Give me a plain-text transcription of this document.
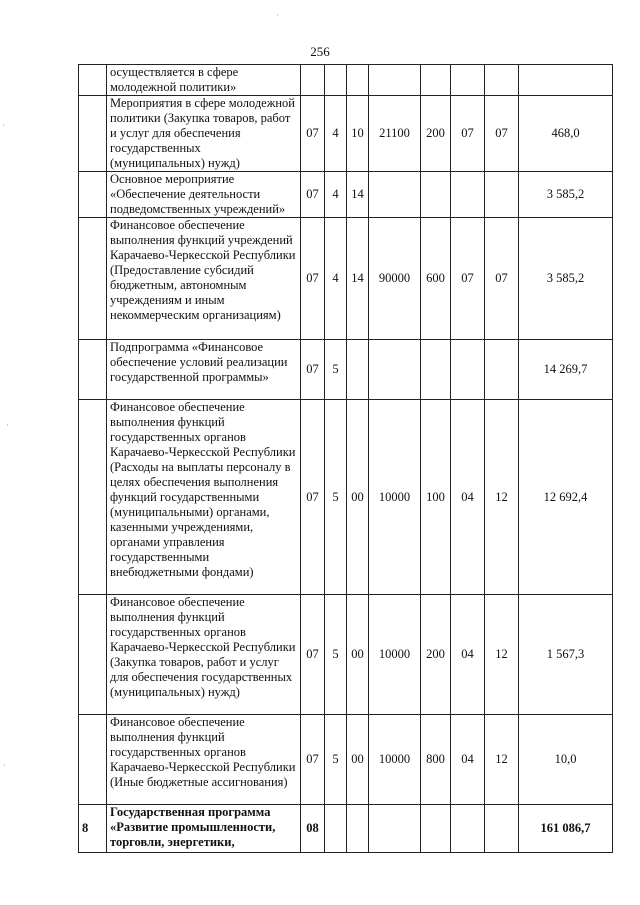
256
	осуществляется в сфере молодежной политики»								
	Мероприятия в сфере молодежной политики (Закупка товаров, работ и услуг для обеспечения государственных (муниципальных) нужд)	07	4	10	21100	200	07	07	468,0
	Основное мероприятие «Обеспечение деятельности подведомственных учреждений»	07	4	14					3 585,2
	Финансовое обеспечение выполнения функций учреждений Карачаево-Черкесской Республики (Предоставление субсидий бюджетным, автономным учреждениям и иным некоммерческим организациям)	07	4	14	90000	600	07	07	3 585,2
	Подпрограмма «Финансовое обеспечение условий реализации государственной программы»	07	5						14 269,7
	Финансовое обеспечение выполнения функций государственных органов Карачаево-Черкесской Республики (Расходы на выплаты персоналу в целях обеспечения выполнения функций государственными (муниципальными) органами, казенными учреждениями, органами управления государственными внебюджетными фондами)	07	5	00	10000	100	04	12	12 692,4
	Финансовое обеспечение выполнения функций государственных органов Карачаево-Черкесской Республики (Закупка товаров, работ и услуг для обеспечения государственных (муниципальных) нужд)	07	5	00	10000	200	04	12	1 567,3
	Финансовое обеспечение выполнения функций государственных органов Карачаево-Черкесской Республики (Иные бюджетные ассигнования)	07	5	00	10000	800	04	12	10,0
8	Государственная программа «Развитие промышленности, торговли, энергетики,	08							161 086,7
·
·
·
·
